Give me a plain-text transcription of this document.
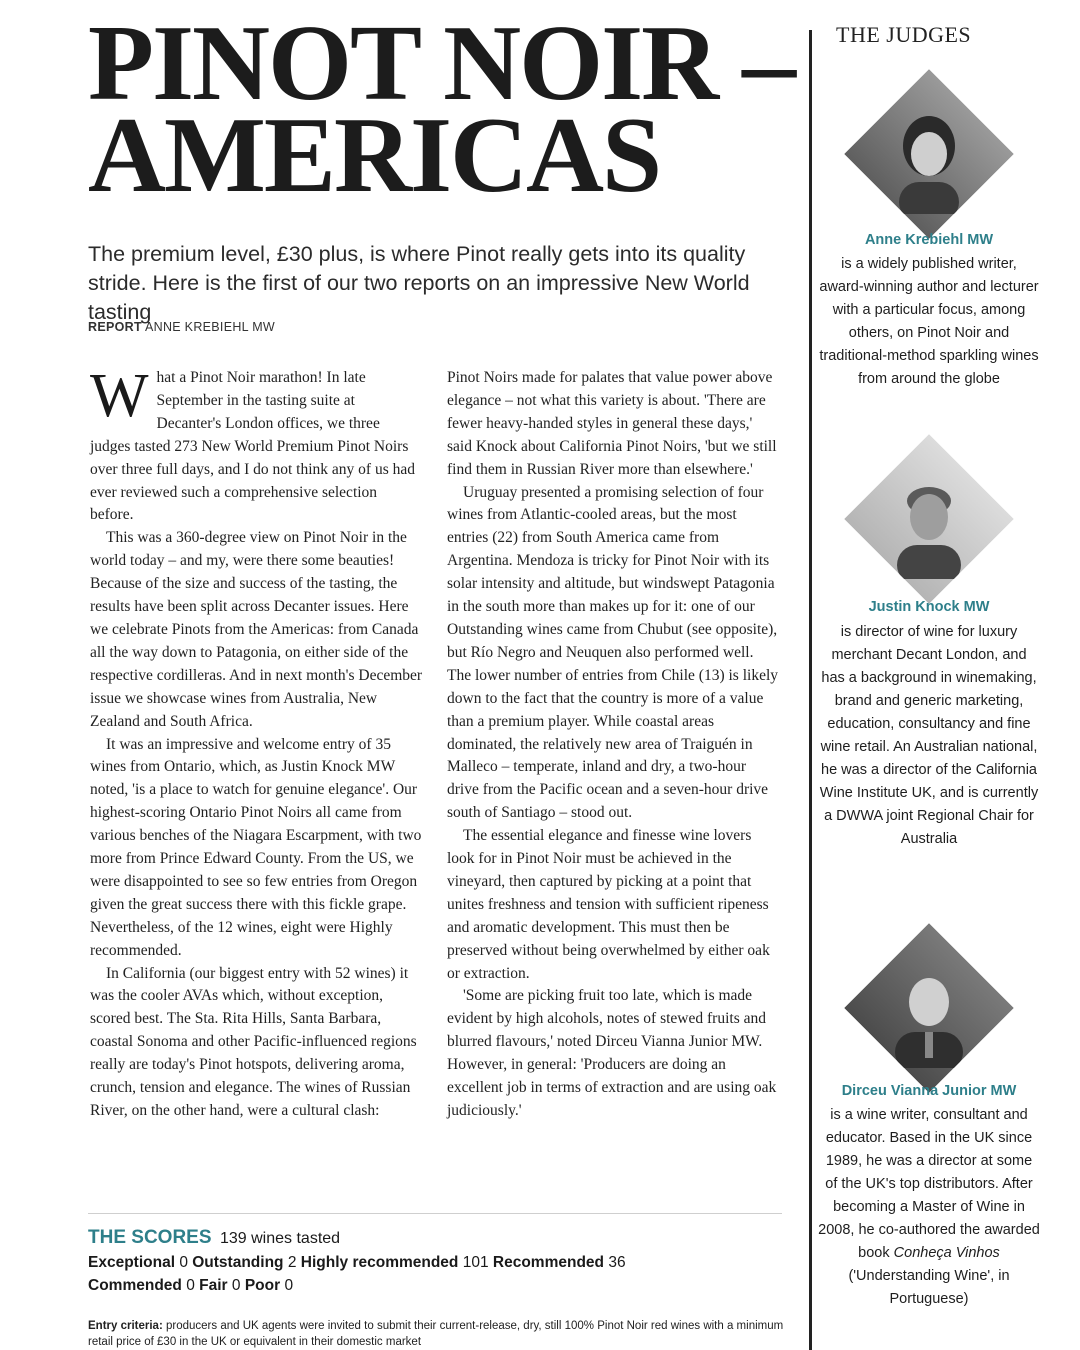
PINOT NOIR –
AMERICAS

The premium level, £30 plus, is where Pinot really gets into its quality stride. Here is the first of our two reports on an impressive New World tasting

REPORT ANNE KREBIEHL MW

What a Pinot Noir marathon! In late September in the tasting suite at Decanter's London offices, we three judges tasted 273 New World Premium Pinot Noirs over three full days, and I do not think any of us had ever reviewed such a comprehensive selection before.

This was a 360-degree view on Pinot Noir in the world today – and my, were there some beauties! Because of the size and success of the tasting, the results have been split across Decanter issues. Here we celebrate Pinots from the Americas: from Canada all the way down to Patagonia, on either side of the respective cordilleras. And in next month's December issue we showcase wines from Australia, New Zealand and South Africa.

It was an impressive and welcome entry of 35 wines from Ontario, which, as Justin Knock MW noted, 'is a place to watch for genuine elegance'. Our highest-scoring Ontario Pinot Noirs all came from various benches of the Niagara Escarpment, with two more from Prince Edward County. From the US, we were disappointed to see so few entries from Oregon given the great success there with this fickle grape. Nevertheless, of the 12 wines, eight were Highly recommended.

In California (our biggest entry with 52 wines) it was the cooler AVAs which, without exception, scored best. The Sta. Rita Hills, Santa Barbara, coastal Sonoma and other Pacific-influenced regions really are today's Pinot hotspots, delivering aroma, crunch, tension and elegance. The wines of Russian River, on the other hand, were a cultural clash:

Pinot Noirs made for palates that value power above elegance – not what this variety is about. 'There are fewer heavy-handed styles in general these days,' said Knock about California Pinot Noirs, 'but we still find them in Russian River more than elsewhere.'

Uruguay presented a promising selection of four wines from Atlantic-cooled areas, but the most entries (22) from South America came from Argentina. Mendoza is tricky for Pinot Noir with its solar intensity and altitude, but windswept Patagonia in the south more than makes up for it: one of our Outstanding wines came from Chubut (see opposite), but Río Negro and Neuquen also performed well. The lower number of entries from Chile (13) is likely down to the fact that the country is more of a value than a premium player. While coastal areas dominated, the relatively new area of Traiguén in Malleco – temperate, inland and dry, a two-hour drive from the Pacific ocean and a seven-hour drive south of Santiago – stood out.

The essential elegance and finesse wine lovers look for in Pinot Noir must be achieved in the vineyard, then captured by picking at a point that unites freshness and tension with sufficient ripeness and aromatic development. This must then be preserved without being overwhelmed by either oak or extraction.

'Some are picking fruit too late, which is made evident by high alcohols, notes of stewed fruits and blurred flavours,' noted Dirceu Vianna Junior MW. However, in general: 'Producers are doing an excellent job in terms of extraction and are using oak judiciously.'

THE SCORES 139 wines tasted
Exceptional 0 Outstanding 2 Highly recommended 101 Recommended 36
Commended 0 Fair 0 Poor 0
Entry criteria: producers and UK agents were invited to submit their current-release, dry, still 100% Pinot Noir red wines with a minimum retail price of £30 in the UK or equivalent in their domestic market
THE JUDGES
Anne Krebiehl MW
is a widely published writer, award-winning author and lecturer with a particular focus, among others, on Pinot Noir and traditional-method sparkling wines from around the globe
Justin Knock MW
is director of wine for luxury merchant Decant London, and has a background in winemaking, brand and generic marketing, education, consultancy and fine wine retail. An Australian national, he was a director of the California Wine Institute UK, and is currently a DWWA joint Regional Chair for Australia
Dirceu Vianna Junior MW
is a wine writer, consultant and educator. Based in the UK since 1989, he was a director at some of the UK's top distributors. After becoming a Master of Wine in 2008, he co-authored the awarded book Conheça Vinhos ('Understanding Wine', in Portuguese)
